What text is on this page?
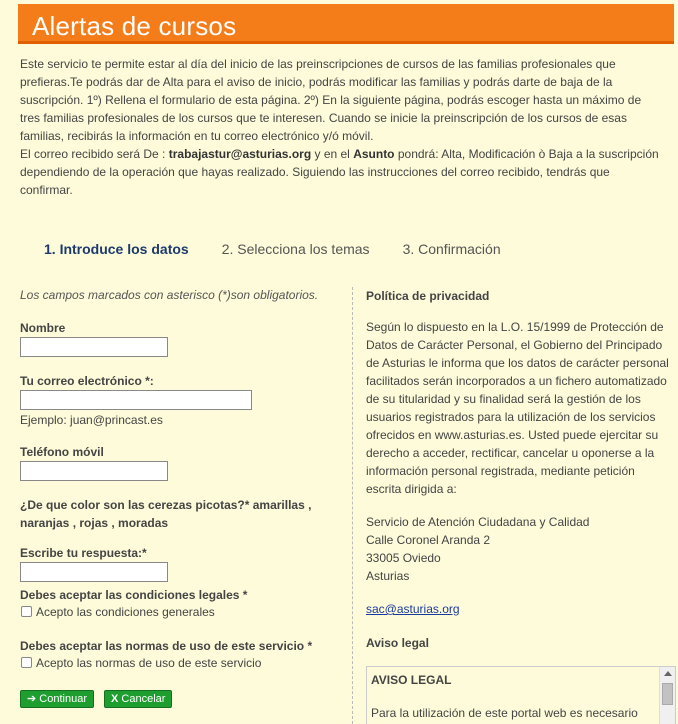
Alertas de cursos
Este servicio te permite estar al día del inicio de las preinscripciones de cursos de las familias profesionales que prefieras.Te podrás dar de Alta para el aviso de inicio, podrás modificar las familias y podrás darte de baja de la suscripción. 1º) Rellena el formulario de esta página. 2º) En la siguiente página, podrás escoger hasta un máximo de tres familias profesionales de los cursos que te interesen. Cuando se inicie la preinscripción de los cursos de esas familias, recibirás la información en tu correo electrónico y/ó móvil.
El correo recibido será De : trabajastur@asturias.org y en el Asunto pondrá: Alta, Modificación ò Baja a la suscripción dependiendo de la operación que hayas realizado. Siguiendo las instrucciones del correo recibido, tendrás que confirmar.
1. Introduce los datos 2. Selecciona los temas 3. Confirmación
Los campos marcados con asterisco (*)son obligatorios.
Nombre
Tu correo electrónico *:
Ejemplo: juan@princast.es
Teléfono móvil
¿De que color son las cerezas picotas?* amarillas , naranjas , rojas , moradas
Escribe tu respuesta:*
Debes aceptar las condiciones legales *
Acepto las condiciones generales
Debes aceptar las normas de uso de este servicio *
Acepto las normas de uso de este servicio
➔ Continuar	X Cancelar
Política de privacidad

Según lo dispuesto en la L.O. 15/1999 de Protección de Datos de Carácter Personal, el Gobierno del Principado de Asturias le informa que los datos de carácter personal facilitados serán incorporados a un fichero automatizado de su titularidad y su finalidad será la gestión de los usuarios registrados para la utilización de los servicios ofrecidos en www.asturias.es. Usted puede ejercitar su derecho a acceder, rectificar, cancelar u oponerse a la información personal registrada, mediante petición escrita dirigida a:

Servicio de Atención Ciudadana y Calidad
Calle Coronel Aranda 2
33005 Oviedo
Asturias
sac@asturias.org
Aviso legal
AVISO LEGAL
Para la utilización de este portal web es necesario
